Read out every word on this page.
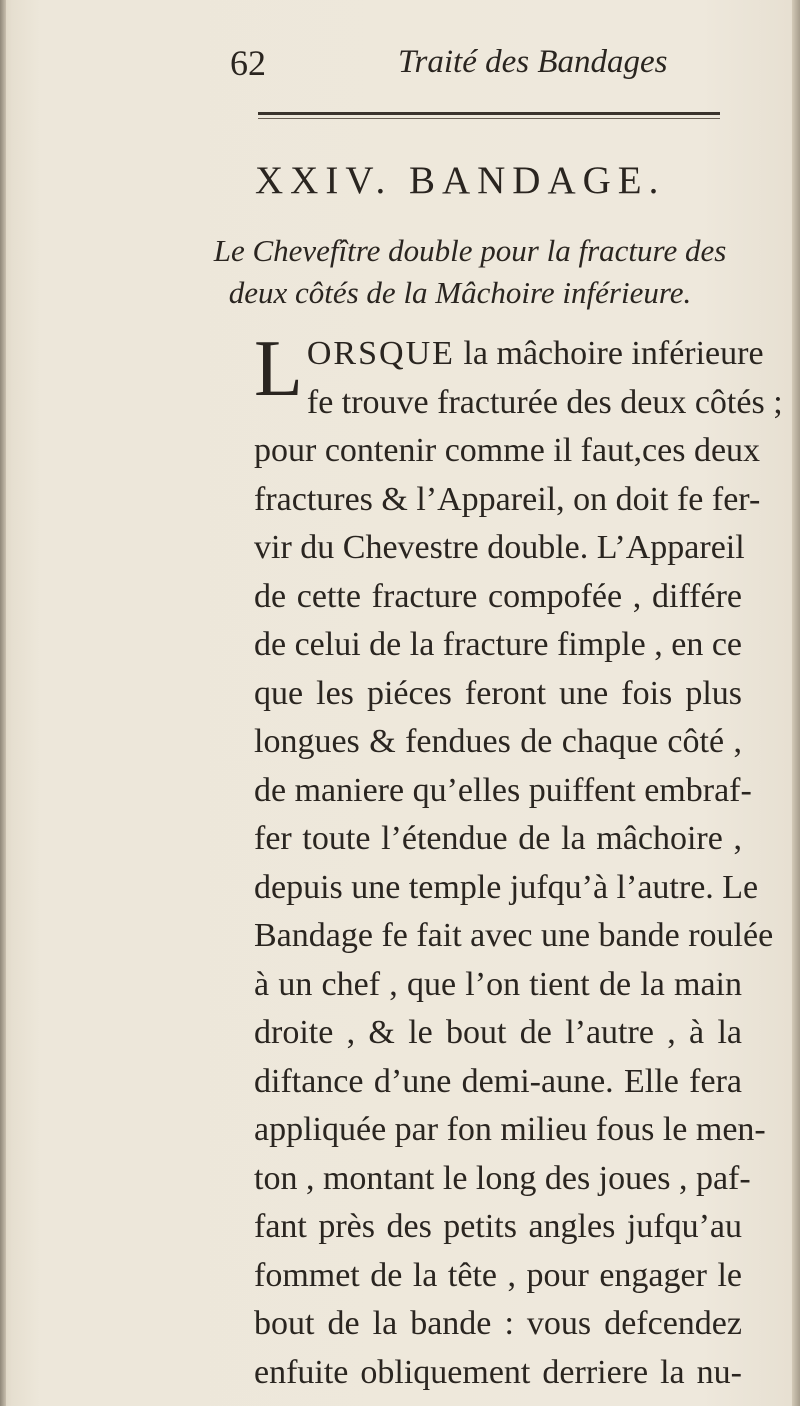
62	Traité des Bandages
XXIV. BANDAGE.
Le Chevefître double pour la fracture des
deux côtés de la Mâchoire inférieure.
L ORSQUE la mâchoire inférieure
fe trouve fracturée des deux côtés ;
pour contenir comme il faut,ces deux
fractures & l’Appareil, on doit fe fer-
vir du Chevestre double. L’Appareil
de cette fracture compofée , différe
de celui de la fracture fimple , en ce
que les piéces feront une fois plus
longues & fendues de chaque côté ,
de maniere qu’elles puiffent embraf-
fer toute l’étendue de la mâchoire ,
depuis une temple jufqu’à l’autre. Le
Bandage fe fait avec une bande roulée
à un chef , que l’on tient de la main
droite , & le bout de l’autre , à la
diftance d’une demi-aune. Elle fera
appliquée par fon milieu fous le men-
ton , montant le long des joues , paf-
fant près des petits angles jufqu’au
fommet de la tête , pour engager le
bout de la bande : vous defcendez
enfuite obliquement derriere la nu-
